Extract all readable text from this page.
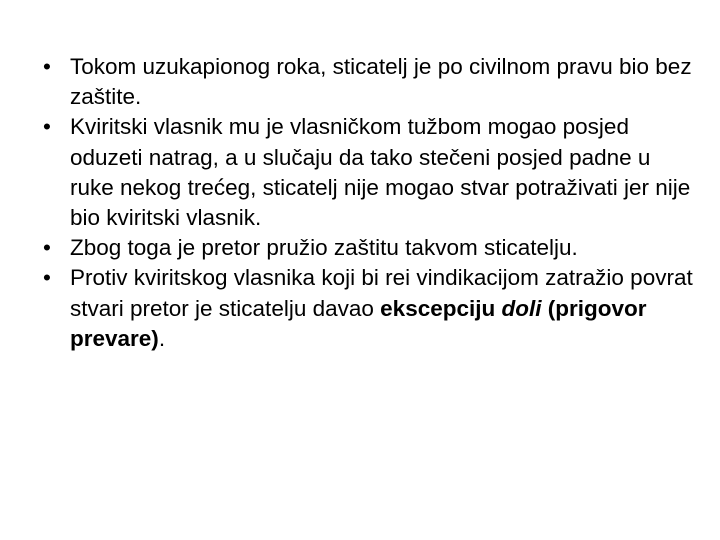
• Tokom uzukapionog roka, sticatelj je po civilnom pravu bio bez zaštite.
• Kviritski vlasnik mu je vlasničkom tužbom mogao posjed oduzeti natrag, a u slučaju da tako stečeni posjed padne u ruke nekog trećeg, sticatelj nije mogao stvar potraživati jer nije bio kviritski vlasnik.
• Zbog toga je pretor pružio zaštitu takvom sticatelju.
• Protiv kviritskog vlasnika koji bi rei vindikacijom zatražio povrat stvari pretor je sticatelju davao ekscepciju doli (prigovor prevare).
